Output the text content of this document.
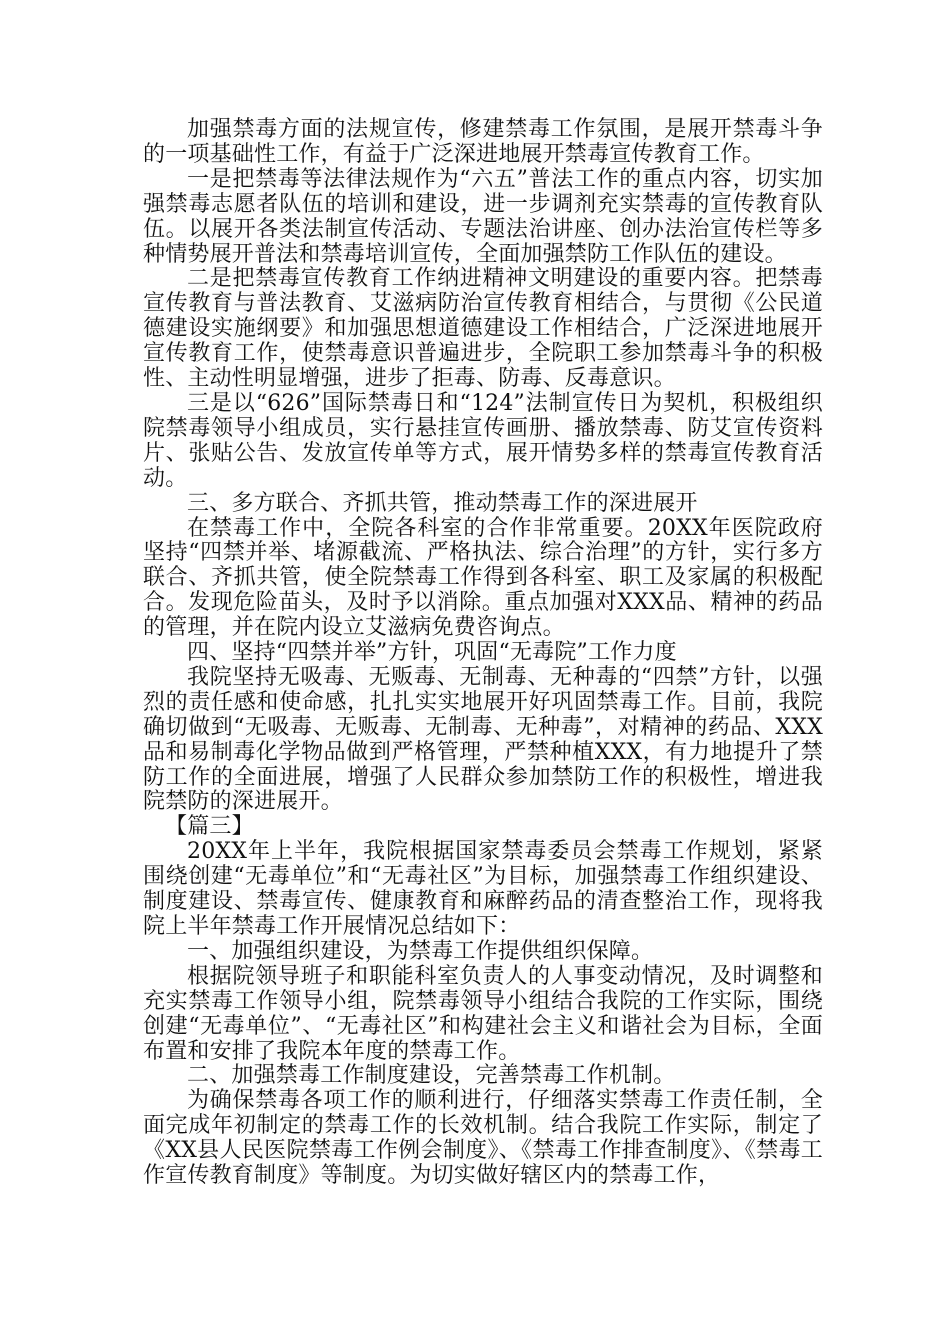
加强禁毒方面的法规宣传，修建禁毒工作氛围，是展开禁毒斗争的一项基础性工作，有益于广泛深进地展开禁毒宣传教育工作。

一是把禁毒等法律法规作为“六五”普法工作的重点内容，切实加强禁毒志愿者队伍的培训和建设，进一步调剂充实禁毒的宣传教育队伍。以展开各类法制宣传活动、专题法治讲座、创办法治宣传栏等多种情势展开普法和禁毒培训宣传，全面加强禁防工作队伍的建设。

二是把禁毒宣传教育工作纳进精神文明建设的重要内容。把禁毒宣传教育与普法教育、艾滋病防治宣传教育相结合，与贯彻《公民道德建设实施纲要》和加强思想道德建设工作相结合，广泛深进地展开宣传教育工作，使禁毒意识普遍进步，全院职工参加禁毒斗争的积极性、主动性明显增强，进步了拒毒、防毒、反毒意识。

三是以“626”国际禁毒日和“124”法制宣传日为契机，积极组织院禁毒领导小组成员，实行悬挂宣传画册、播放禁毒、防艾宣传资料片、张贴公告、发放宣传单等方式，展开情势多样的禁毒宣传教育活动。

三、多方联合、齐抓共管，推动禁毒工作的深进展开

在禁毒工作中，全院各科室的合作非常重要。20XX年医院政府坚持“四禁并举、堵源截流、严格执法、综合治理”的方针，实行多方联合、齐抓共管，使全院禁毒工作得到各科室、职工及家属的积极配合。发现危险苗头，及时予以消除。重点加强对XXX品、精神的药品的管理，并在院内设立艾滋病免费咨询点。

四、坚持“四禁并举”方针，巩固“无毒院”工作力度

我院坚持无吸毒、无贩毒、无制毒、无种毒的“四禁”方针，以强烈的责任感和使命感，扎扎实实地展开好巩固禁毒工作。目前，我院确切做到“无吸毒、无贩毒、无制毒、无种毒”，对精神的药品、XXX品和易制毒化学物品做到严格管理，严禁种植XXX，有力地提升了禁防工作的全面进展，增强了人民群众参加禁防工作的积极性，增进我院禁防的深进展开。

【篇三】

20XX年上半年，我院根据国家禁毒委员会禁毒工作规划，紧紧围绕创建“无毒单位”和“无毒社区”为目标，加强禁毒工作组织建设、制度建设、禁毒宣传、健康教育和麻醉药品的清查整治工作，现将我院上半年禁毒工作开展情况总结如下：

一、加强组织建设，为禁毒工作提供组织保障。

根据院领导班子和职能科室负责人的人事变动情况，及时调整和充实禁毒工作领导小组，院禁毒领导小组结合我院的工作实际，围绕创建“无毒单位”、“无毒社区”和构建社会主义和谐社会为目标，全面布置和安排了我院本年度的禁毒工作。

二、加强禁毒工作制度建设，完善禁毒工作机制。

为确保禁毒各项工作的顺利进行，仔细落实禁毒工作责任制，全面完成年初制定的禁毒工作的长效机制。结合我院工作实际，制定了《XX县人民医院禁毒工作例会制度》、《禁毒工作排查制度》、《禁毒工作宣传教育制度》等制度。为切实做好辖区内的禁毒工作，
